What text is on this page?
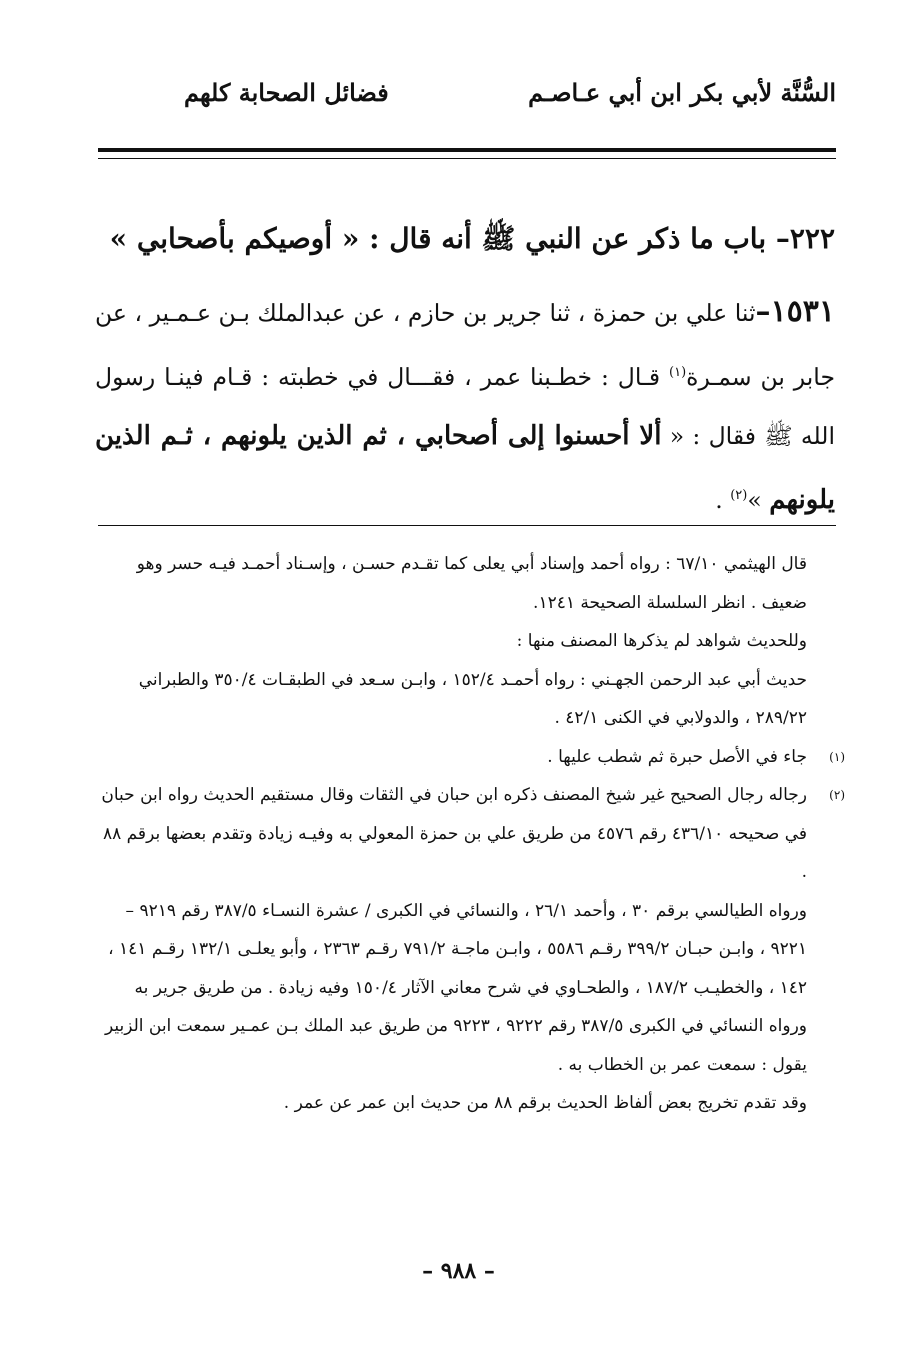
السُّنَّة لأبي بكر ابن أبي عـاصـم
فضائل الصحابة كلهم
٢٢٢– باب ما ذكر عن النبي ﷺ أنه قال : « أوصيكم بأصحابي »
١٥٣١–ثنا علي بن حمزة ، ثنا جرير بن حازم ، عن عبدالملك بـن عـمـير ، عن جابر بن سمـرة$^{(١)}$ قـال : خطـبنا عمر ، فقـــال في خطبته : قـام فينـا رسول الله ﷺ فقال : « ألا أحسنوا إلى أصحابي ، ثم الذين يلونهم ، ثـم الذين يلونهم »$^{(٢)}$ .

قال الهيثمي ٦٧/١٠ : رواه أحمد وإسناد أبي يعلى كما تقـدم حسـن ، وإسـناد أحمـد فيـه حسر وهو ضعيف . انظر السلسلة الصحيحة ١٢٤١.

وللحديث شواهد لم يذكرها المصنف منها :

حديث أبي عبد الرحمن الجهـني : رواه أحمـد ١٥٢/٤ ، وابـن سـعد في الطبقـات ٣٥٠/٤ والطبراني ٢٨٩/٢٢ ، والدولابي في الكنى ٤٢/١ .

(١)
جاء في الأصل حبرة ثم شطب عليها .

(٢)
رجاله رجال الصحيح غير شيخ المصنف ذكره ابن حبان في الثقات وقال مستقيم الحديث رواه ابن حبان في صحيحه ٤٣٦/١٠ رقم ٤٥٧٦ من طريق علي بن حمزة المعولي به وفيـه زيادة وتقدم بعضها برقم ٨٨ .

ورواه الطيالسي برقم ٣٠ ، وأحمد ٢٦/١ ، والنسائي في الكبرى / عشرة النسـاء ٣٨٧/٥ رقم ٩٢١٩ – ٩٢٢١ ، وابـن حبـان ٣٩٩/٢ رقـم ٥٥٨٦ ، وابـن ماجـة ٧٩١/٢ رقـم ٢٣٦٣ ، وأبو يعلـى ١٣٢/١ رقـم ١٤١ ، ١٤٢ ، والخطيـب ١٨٧/٢ ، والطحـاوي في شرح معاني الآثار ١٥٠/٤ وفيه زيادة . من طريق جرير به

ورواه النسائي في الكبرى ٣٨٧/٥ رقم ٩٢٢٢ ، ٩٢٢٣ من طريق عبد الملك بـن عمـير سمعت ابن الزبير يقول : سمعت عمر بن الخطاب به .

وقد تقدم تخريج بعض ألفاظ الحديث برقم ٨٨ من حديث ابن عمر عن عمر .

– ٩٨٨ –
